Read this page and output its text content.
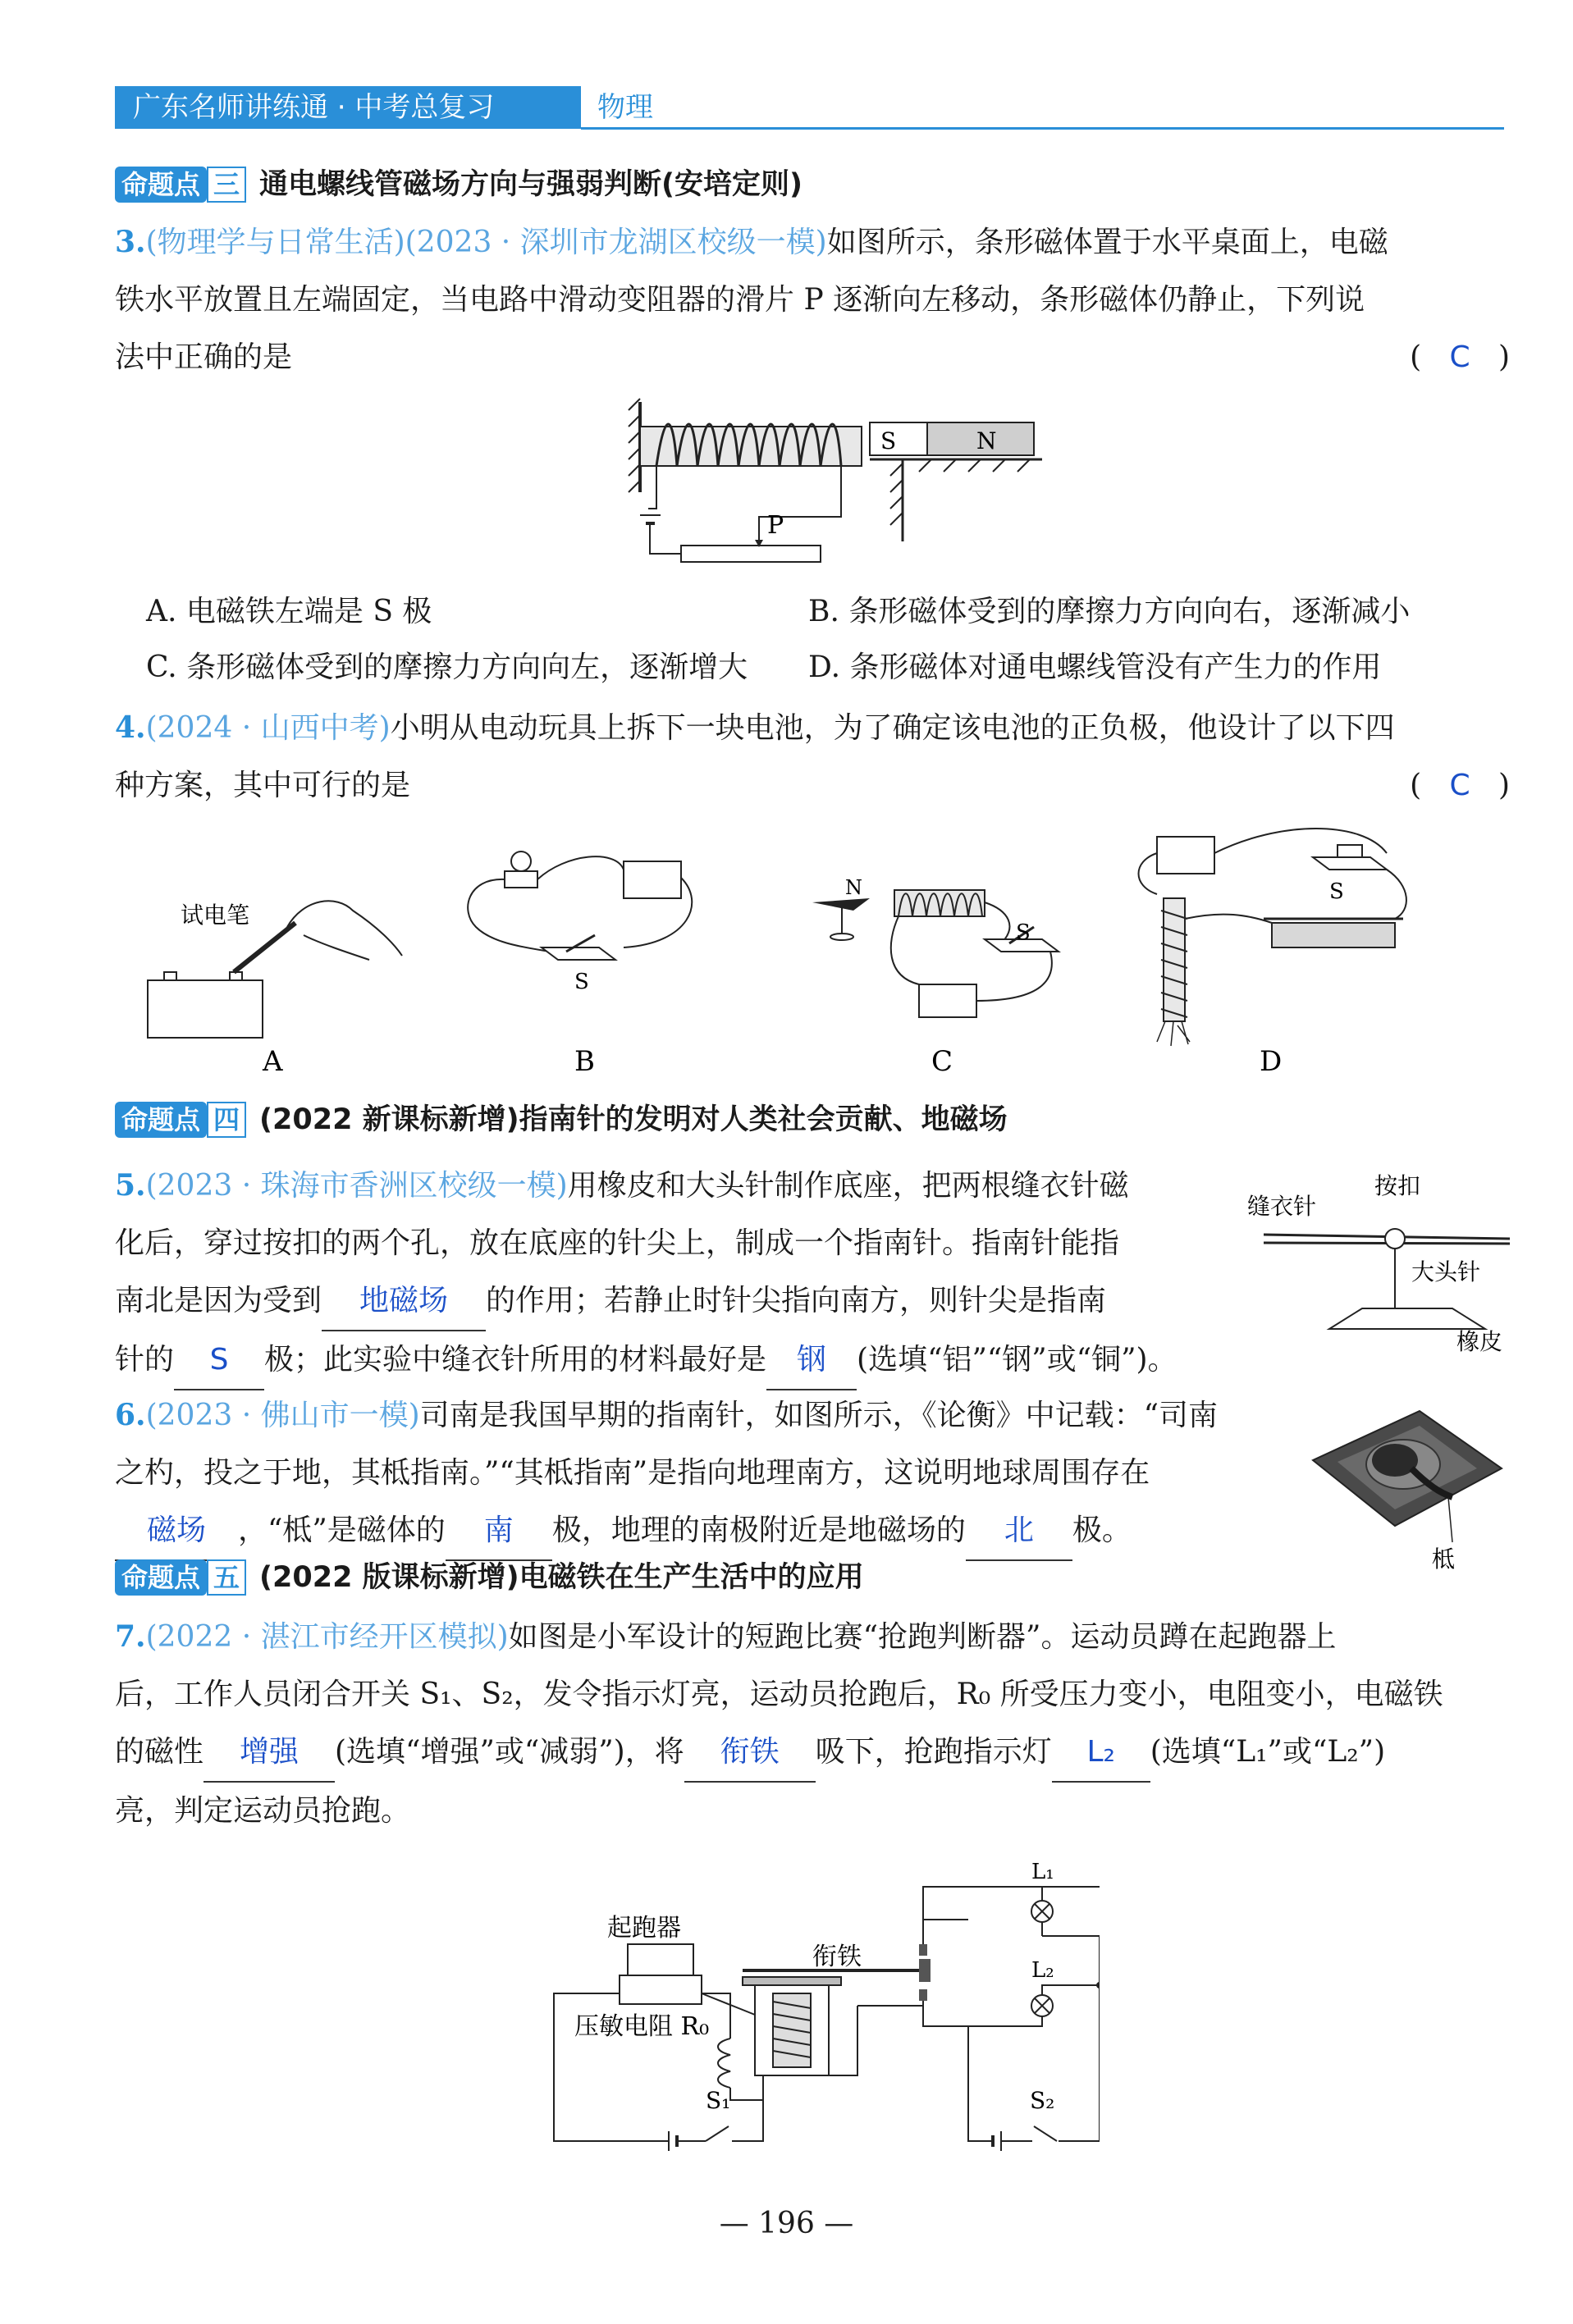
广东名师讲练通 · 中考总复习	物理
命题点 三 通电螺线管磁场方向与强弱判断(安培定则)
3.(物理学与日常生活)(2023 · 深圳市龙湖区校级一模)如图所示，条形磁体置于水平桌面上，电磁
铁水平放置且左端固定，当电路中滑动变阻器的滑片 P 逐渐向左移动，条形磁体仍静止，下列说
法中正确的是	(   C   )
P
S	N
A. 电磁铁左端是 S 极	B. 条形磁体受到的摩擦力方向向右，逐渐减小
C. 条形磁体受到的摩擦力方向向左，逐渐增大 D. 条形磁体对通电螺线管没有产生力的作用
4.(2024 · 山西中考)小明从电动玩具上拆下一块电池，为了确定该电池的正负极，他设计了以下四
种方案，其中可行的是	(   C   )
试电笔
A
S
B
N
S
C
S
D
命题点 四 (2022 新课标新增)指南针的发明对人类社会贡献、地磁场
5.(2023 · 珠海市香洲区校级一模)用橡皮和大头针制作底座，把两根缝衣针磁
化后，穿过按扣的两个孔，放在底座的针尖上，制成一个指南针。指南针能指
南北是因为受到 地磁场 的作用；若静止时针尖指向南方，则针尖是指南
针的 S 极；此实验中缝衣针所用的材料最好是 钢 (选填“铝”“钢”或“铜”)。
缝衣针
按扣
大头针
橡皮
6.(2023 · 佛山市一模)司南是我国早期的指南针，如图所示，《论衡》中记载：“司南
之杓，投之于地，其柢指南。”“其柢指南”是指向地理南方，这说明地球周围存在
磁场 ，“柢”是磁体的 南 极，地理的南极附近是地磁场的 北 极。
柢
命题点 五 (2022 版课标新增)电磁铁在生产生活中的应用
7.(2022 · 湛江市经开区模拟)如图是小军设计的短跑比赛“抢跑判断器”。运动员蹲在起跑器上
后，工作人员闭合开关 S₁、S₂，发令指示灯亮，运动员抢跑后，R₀ 所受压力变小，电阻变小，电磁铁
的磁性 增强 (选填“增强”或“减弱”)，将 衔铁 吸下，抢跑指示灯 L₂ (选填“L₁”或“L₂”)
亮，判定运动员抢跑。
起跑器
压敏电阻 R₀
S₁
衔铁
L₁
L₂
S₂
— 196 —
